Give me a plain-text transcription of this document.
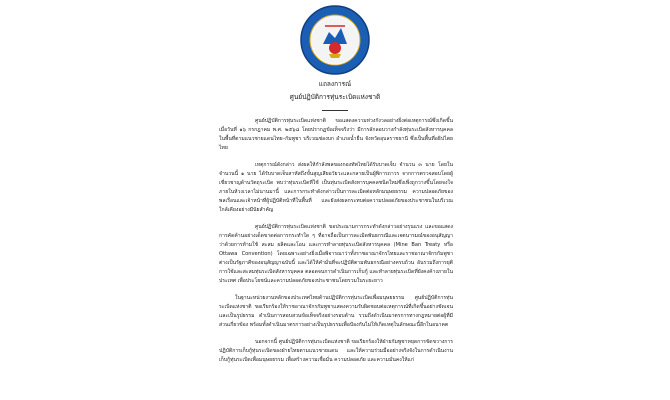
แถลงการณ์
ศูนย์ปฏิบัติการทุ่นระเบิดแห่งชาติ

ศูนย์ปฏิบัติการทุ่นระเบิดแห่งชาติ ขอแสดงความห่วงกังวลอย่างยิ่งต่อเหตุการณ์ซึ่งเกิดขึ้นเมื่อวันที่ ๑๖ กรกฎาคม พ.ศ. ๒๕๖๘ โดยปรากฏข้อเท็จจริงว่า มีการลักลอบวางกำลังทุ่นระเบิดสังหารบุคคลในพื้นที่ตามแนวชายแดนไทย–กัมพูชา บริเวณช่องบก อำเภอน้ำยืน จังหวัดอุบลราชธานี ซึ่งเป็นพื้นที่อธิปไตยไทย

เหตุการณ์ดังกล่าว ส่งผลให้กำลังพลของกองทัพไทยได้รับบาดเจ็บ จำนวน ๓ นาย โดยในจำนวนนี้ ๑ นาย ได้รับบาดเจ็บสาหัสถึงขั้นสูญเสียอวัยวะและกลายเป็นผู้พิการถาวร จากการตรวจสอบโดยผู้เชี่ยวชาญด้านวัตถุระเบิด พบว่าทุ่นระเบิดที่ใช้ เป็นทุ่นระเบิดสังหารบุคคลชนิดใหม่ซึ่งเพิ่งถูกวางขึ้นโดยจงใจภายในห้วงเวลาไม่นานมานี้ และการกระทำดังกล่าวเป็นการละเมิดต่อหลักมนุษยธรรม ความปลอดภัยของพลเรือนและเจ้าหน้าที่ผู้ปฏิบัติหน้าที่ในพื้นที่ และยังส่งผลกระทบต่อความปลอดภัยของประชาชนในบริเวณใกล้เคียงอย่างมีนัยสำคัญ

ศูนย์ปฏิบัติการทุ่นระเบิดแห่งชาติ ขอประณามการกระทำดังกล่าวอย่างรุนแรง และขอแสดงการคัดค้านอย่างเด็ดขาดต่อการกระทำใด ๆ ที่อาจถือเป็นการละเมิดพันธกรณีและเจตนารมณ์ของอนุสัญญาว่าด้วยการห้ามใช้ สะสม ผลิตและโอน และการทำลายทุ่นระเบิดสังหารบุคคล (Mine Ban Treaty หรือ Ottawa Convention) โดยเฉพาะอย่างยิ่งเมื่อพิจารณาว่าทั้งราชอาณาจักรไทยและราชอาณาจักรกัมพูชาต่างเป็นรัฐภาคีของอนุสัญญาฉบับนี้ และได้ให้คำมั่นที่จะปฏิบัติตามพันธกรณีอย่างครบถ้วน อันรวมถึงการยุติการใช้และสะสมทุ่นระเบิดสังหารบุคคล ตลอดจนการดำเนินการเก็บกู้ และทำลายทุ่นระเบิดที่ยังคงค้างภายในประเทศ เพื่อประโยชน์และความปลอดภัยของประชาชนโดยรวมในระยะยาว

ในฐานะหน่วยงานหลักของประเทศไทยด้านปฏิบัติการทุ่นระเบิดเพื่อมนุษยธรรม ศูนย์ปฏิบัติการทุ่นระเบิดแห่งชาติ ขอเรียกร้องให้ราชอาณาจักรกัมพูชาแสดงความรับผิดชอบต่อเหตุการณ์ที่เกิดขึ้นอย่างชัดเจนและเป็นรูปธรรม ดำเนินการสอบสวนข้อเท็จจริงอย่างรอบด้าน รวมถึงดำเนินมาตรการทางกฎหมายต่อผู้ที่มีส่วนเกี่ยวข้อง พร้อมทั้งดำเนินมาตรการอย่างเป็นรูปธรรมเพื่อป้องกันไม่ให้เกิดเหตุในลักษณะนี้อีกในอนาคต

นอกจากนี้ ศูนย์ปฏิบัติการทุ่นระเบิดแห่งชาติ ขอเรียกร้องให้ฝ่ายกัมพูชาหยุดการขัดขวางการปฏิบัติการเก็บกู้ทุ่นระเบิดของฝ่ายไทยตามแนวชายแดน และให้ความร่วมมืออย่างจริงจังในการดำเนินงานเก็บกู้ทุ่นระเบิดเพื่อมนุษยธรรม เพื่อสร้างความเชื่อมั่น ความปลอดภัย และความมั่นคงให้แก่
